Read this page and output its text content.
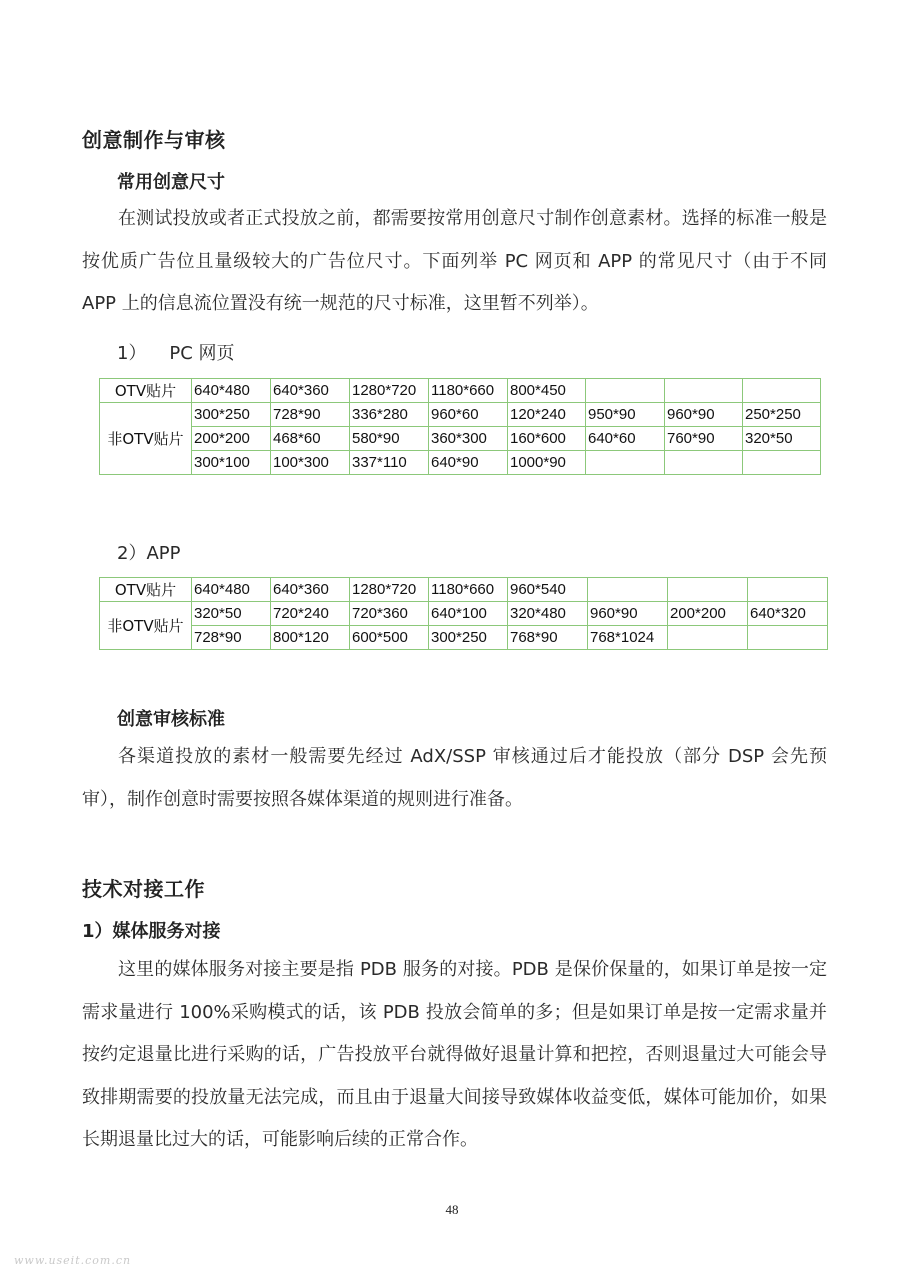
创意制作与审核
常用创意尺寸

在测试投放或者正式投放之前，都需要按常用创意尺寸制作创意素材。选择的标准一般是按优质广告位且量级较大的广告位尺寸。下面列举 PC 网页和 APP 的常见尺寸（由于不同 APP 上的信息流位置没有统一规范的尺寸标准，这里暂不列举）。

1）    PC 网页
OTV贴片	640*480	640*360	1280*720	1180*660	800*450			
非OTV贴片	300*250	728*90	336*280	960*60	120*240	950*90	960*90	250*250
	200*200	468*60	580*90	360*300	160*600	640*60	760*90	320*50
	300*100	100*300	337*110	640*90	1000*90			
2）APP
OTV贴片	640*480	640*360	1280*720	1180*660	960*540			
非OTV贴片	320*50	720*240	720*360	640*100	320*480	960*90	200*200	640*320
	728*90	800*120	600*500	300*250	768*90	768*1024		
创意审核标准

各渠道投放的素材一般需要先经过 AdX/SSP 审核通过后才能投放（部分 DSP 会先预审），制作创意时需要按照各媒体渠道的规则进行准备。

技术对接工作
1）媒体服务对接

这里的媒体服务对接主要是指 PDB 服务的对接。PDB 是保价保量的，如果订单是按一定需求量进行 100%采购模式的话，该 PDB 投放会简单的多；但是如果订单是按一定需求量并按约定退量比进行采购的话，广告投放平台就得做好退量计算和把控，否则退量过大可能会导致排期需要的投放量无法完成，而且由于退量大间接导致媒体收益变低，媒体可能加价，如果长期退量比过大的话，可能影响后续的正常合作。

48
www.useit.com.cn
